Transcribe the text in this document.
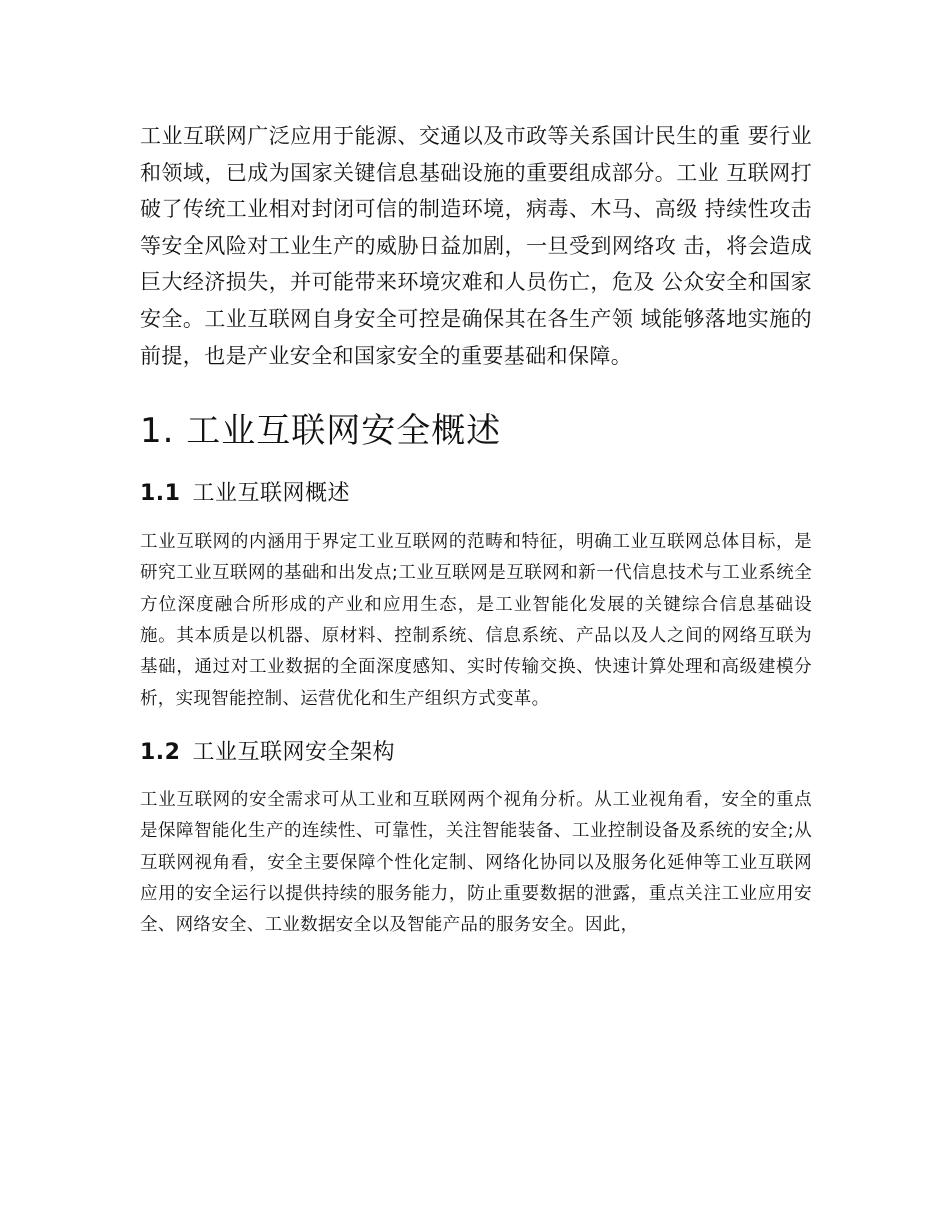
工业互联网广泛应用于能源、交通以及市政等关系国计民生的重 要行业和领域，已成为国家关键信息基础设施的重要组成部分。工业 互联网打破了传统工业相对封闭可信的制造环境，病毒、木马、高级 持续性攻击等安全风险对工业生产的威胁日益加剧，一旦受到网络攻 击，将会造成巨大经济损失，并可能带来环境灾难和人员伤亡，危及 公众安全和国家安全。工业互联网自身安全可控是确保其在各生产领 域能够落地实施的前提，也是产业安全和国家安全的重要基础和保障。

1. 工业互联网安全概述
1.1 工业互联网概述

工业互联网的内涵用于界定工业互联网的范畴和特征，明确工业互联网总体目标，是研究工业互联网的基础和出发点;工业互联网是互联网和新一代信息技术与工业系统全方位深度融合所形成的产业和应用生态，是工业智能化发展的关键综合信息基础设施。其本质是以机器、原材料、控制系统、信息系统、产品以及人之间的网络互联为基础，通过对工业数据的全面深度感知、实时传输交换、快速计算处理和高级建模分析，实现智能控制、运营优化和生产组织方式变革。

1.2 工业互联网安全架构

工业互联网的安全需求可从工业和互联网两个视角分析。从工业视角看，安全的重点是保障智能化生产的连续性、可靠性，关注智能装备、工业控制设备及系统的安全;从互联网视角看，安全主要保障个性化定制、网络化协同以及服务化延伸等工业互联网应用的安全运行以提供持续的服务能力，防止重要数据的泄露，重点关注工业应用安全、网络安全、工业数据安全以及智能产品的服务安全。因此，
